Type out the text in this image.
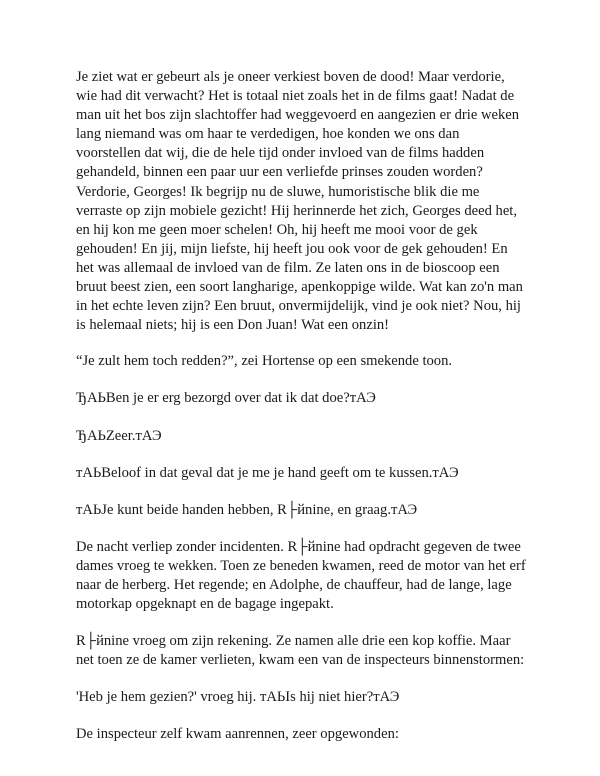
Je ziet wat er gebeurt als je oneer verkiest boven de dood! Maar verdorie, wie had dit verwacht? Het is totaal niet zoals het in de films gaat! Nadat de man uit het bos zijn slachtoffer had weggevoerd en aangezien er drie weken lang niemand was om haar te verdedigen, hoe konden we ons dan voorstellen dat wij, die de hele tijd onder invloed van de films hadden gehandeld, binnen een paar uur een verliefde prinses zouden worden? Verdorie, Georges! Ik begrijp nu de sluwe, humoristische blik die me verraste op zijn mobiele gezicht! Hij herinnerde het zich, Georges deed het, en hij kon me geen moer schelen! Oh, hij heeft me mooi voor de gek gehouden! En jij, mijn liefste, hij heeft jou ook voor de gek gehouden! En het was allemaal de invloed van de film. Ze laten ons in de bioscoop een bruut beest zien, een soort langharige, apenkoppige wilde. Wat kan zo'n man in het echte leven zijn? Een bruut, onvermijdelijk, vind je ook niet? Nou, hij is helemaal niets; hij is een Don Juan! Wat een onzin!

“Je zult hem toch redden?”, zei Hortense op een smekende toon.

ЂАЬBen je er erg bezorgd over dat ik dat doe?тАЭ

ЂАЬZeer.тАЭ

тАЬBeloof in dat geval dat je me je hand geeft om te kussen.тАЭ

тАЬJe kunt beide handen hebben, R├йnine, en graag.тАЭ

De nacht verliep zonder incidenten. R├йnine had opdracht gegeven de twee dames vroeg te wekken. Toen ze beneden kwamen, reed de motor van het erf naar de herberg. Het regende; en Adolphe, de chauffeur, had de lange, lage motorkap opgeknapt en de bagage ingepakt.

R├йnine vroeg om zijn rekening. Ze namen alle drie een kop koffie. Maar net toen ze de kamer verlieten, kwam een van de inspecteurs binnenstormen:

'Heb je hem gezien?' vroeg hij. тАЬIs hij niet hier?тАЭ

De inspecteur zelf kwam aanrennen, zeer opgewonden:
